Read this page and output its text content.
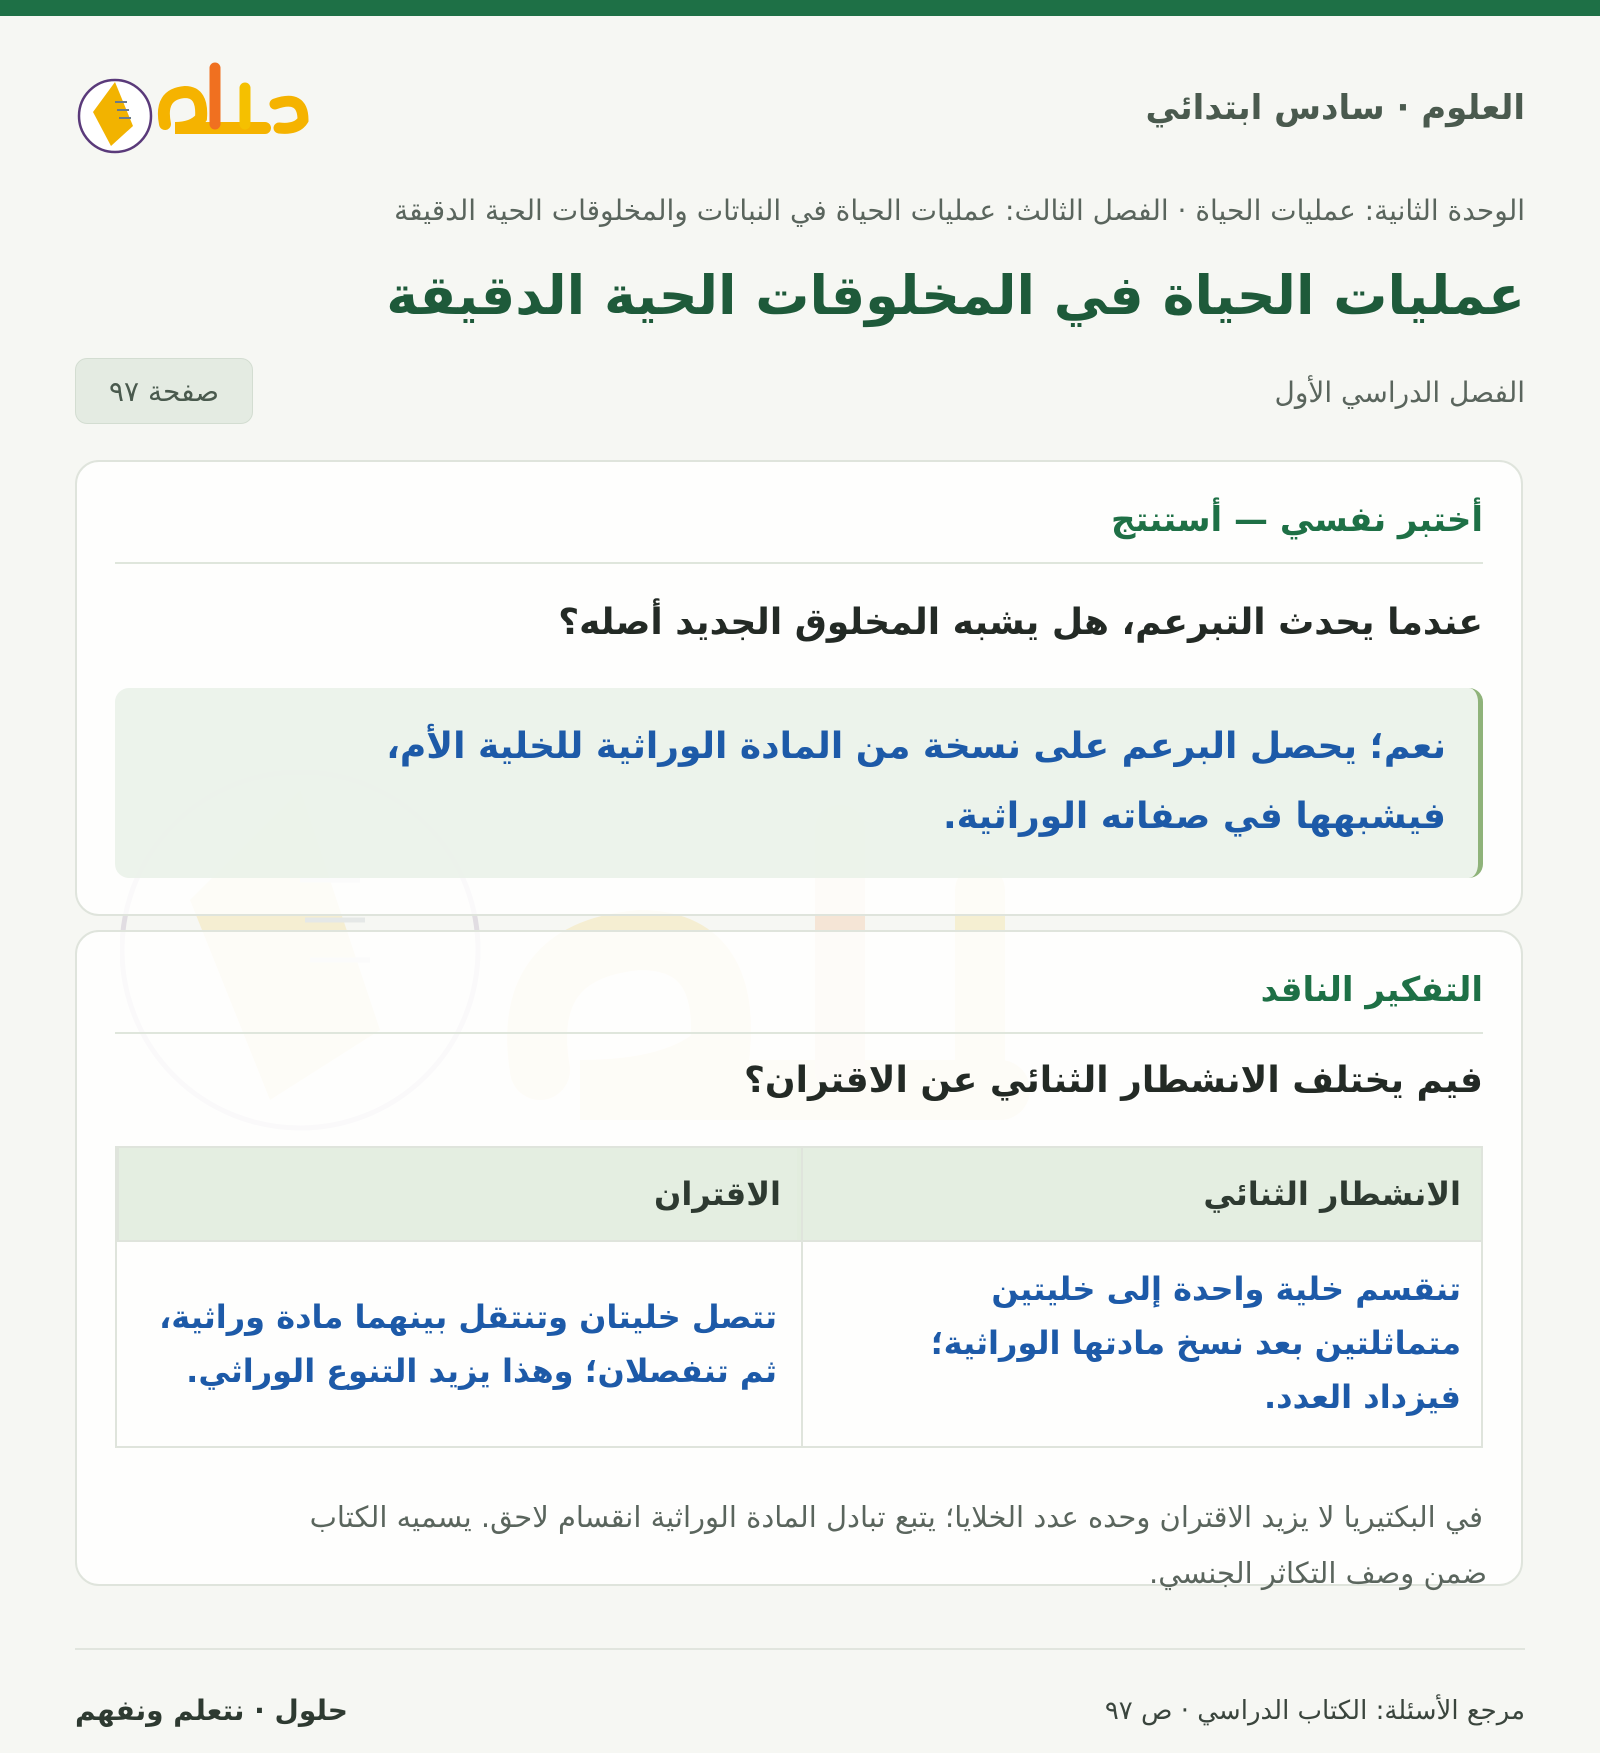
العلوم · سادس ابتدائي
الوحدة الثانية: عمليات الحياة · الفصل الثالث: عمليات الحياة في النباتات والمخلوقات الحية الدقيقة
عمليات الحياة في المخلوقات الحية الدقيقة
الفصل الدراسي الأول
صفحة ٩٧
أختبر نفسي — أستنتج
عندما يحدث التبرعم، هل يشبه المخلوق الجديد أصله؟
نعم؛ يحصل البرعم على نسخة من المادة الوراثية للخلية الأم،
فيشبهها في صفاته الوراثية.
التفكير الناقد
فيم يختلف الانشطار الثنائي عن الاقتران؟
الانشطار الثنائي
الاقتران
تنقسم خلية واحدة إلى خليتين
متماثلتين بعد نسخ مادتها الوراثية؛
فيزداد العدد.
تتصل خليتان وتنتقل بينهما مادة وراثية،
ثم تنفصلان؛ وهذا يزيد التنوع الوراثي.
في البكتيريا لا يزيد الاقتران وحده عدد الخلايا؛ يتبع تبادل المادة الوراثية انقسام لاحق. يسميه الكتاب
ضمن وصف التكاثر الجنسي.
مرجع الأسئلة: الكتاب الدراسي · ص ٩٧
حلول · نتعلم ونفهم
